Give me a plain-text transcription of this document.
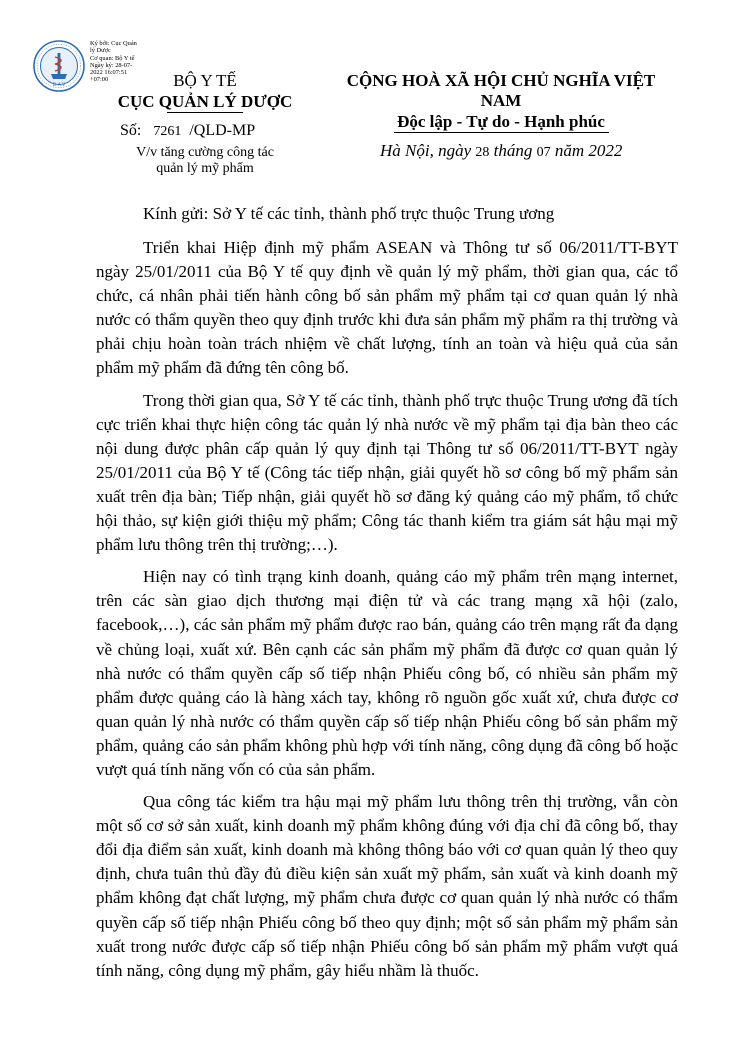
D.A.V
Ký bởi: Cục Quản
lý Dược
Cơ quan: Bộ Y tế
Ngày ký: 28-07-
2022 16:07:51
+07:00	BỘ Y TẾ
CỤC QUẢN LÝ DƯỢC
CỘNG HOÀ XÃ HỘI CHỦ NGHĨA VIỆT NAM
Độc lập - Tự do - Hạnh phúc
Số: 7261 /QLD-MP
V/v tăng cường công tác
quản lý mỹ phẩm
Hà Nội, ngày 28 tháng 07 năm 2022
Kính gửi: Sở Y tế các tỉnh, thành phố trực thuộc Trung ương

Triển khai Hiệp định mỹ phẩm ASEAN và Thông tư số 06/2011/TT-BYT ngày 25/01/2011 của Bộ Y tế quy định về quản lý mỹ phẩm, thời gian qua, các tổ chức, cá nhân phải tiến hành công bố sản phẩm mỹ phẩm tại cơ quan quản lý nhà nước có thẩm quyền theo quy định trước khi đưa sản phẩm mỹ phẩm ra thị trường và phải chịu hoàn toàn trách nhiệm về chất lượng, tính an toàn và hiệu quả của sản phẩm mỹ phẩm đã đứng tên công bố.

Trong thời gian qua, Sở Y tế các tỉnh, thành phố trực thuộc Trung ương đã tích cực triển khai thực hiện công tác quản lý nhà nước về mỹ phẩm tại địa bàn theo các nội dung được phân cấp quản lý quy định tại Thông tư số 06/2011/TT-BYT ngày 25/01/2011 của Bộ Y tế (Công tác tiếp nhận, giải quyết hồ sơ công bố mỹ phẩm sản xuất trên địa bàn; Tiếp nhận, giải quyết hồ sơ đăng ký quảng cáo mỹ phẩm, tổ chức hội thảo, sự kiện giới thiệu mỹ phẩm; Công tác thanh kiểm tra giám sát hậu mại mỹ phẩm lưu thông trên thị trường;…).

Hiện nay có tình trạng kinh doanh, quảng cáo mỹ phẩm trên mạng internet, trên các sàn giao dịch thương mại điện tử và các trang mạng xã hội (zalo, facebook,…), các sản phẩm mỹ phẩm được rao bán, quảng cáo trên mạng rất đa dạng về chủng loại, xuất xứ. Bên cạnh các sản phẩm mỹ phẩm đã được cơ quan quản lý nhà nước có thẩm quyền cấp số tiếp nhận Phiếu công bố, có nhiều sản phẩm mỹ phẩm được quảng cáo là hàng xách tay, không rõ nguồn gốc xuất xứ, chưa được cơ quan quản lý nhà nước có thẩm quyền cấp số tiếp nhận Phiếu công bố sản phẩm mỹ phẩm, quảng cáo sản phẩm không phù hợp với tính năng, công dụng đã công bố hoặc vượt quá tính năng vốn có của sản phẩm.

Qua công tác kiểm tra hậu mại mỹ phẩm lưu thông trên thị trường, vẫn còn một số cơ sở sản xuất, kinh doanh mỹ phẩm không đúng với địa chỉ đã công bố, thay đổi địa điểm sản xuất, kinh doanh mà không thông báo với cơ quan quản lý theo quy định, chưa tuân thủ đầy đủ điều kiện sản xuất mỹ phẩm, sản xuất và kinh doanh mỹ phẩm không đạt chất lượng, mỹ phẩm chưa được cơ quan quản lý nhà nước có thẩm quyền cấp số tiếp nhận Phiếu công bố theo quy định; một số sản phẩm mỹ phẩm sản xuất trong nước được cấp số tiếp nhận Phiếu công bố sản phẩm mỹ phẩm vượt quá tính năng, công dụng mỹ phẩm, gây hiểu nhầm là thuốc.
